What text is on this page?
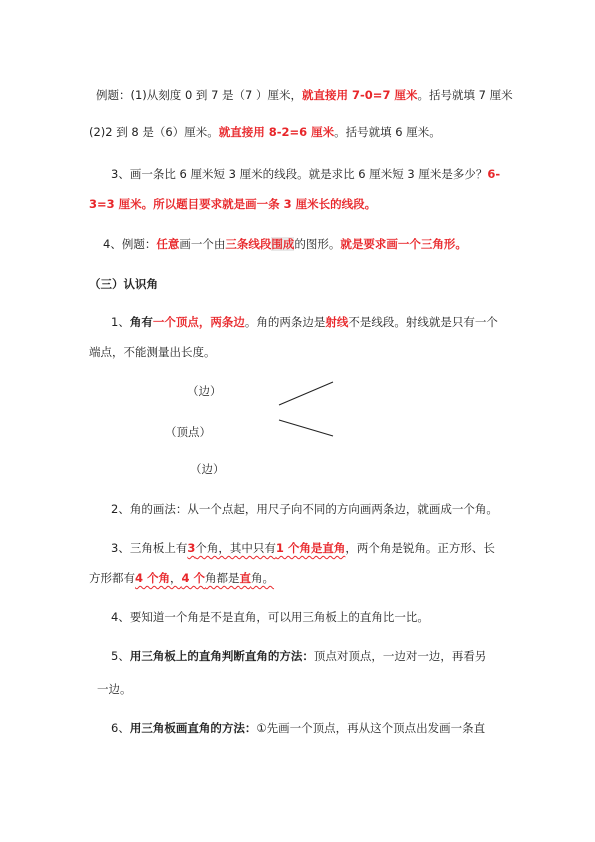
例题：(1)从刻度 0 到 7 是（7 ）厘米，就直接用 7-0=7 厘米。括号就填 7 厘米
(2)2 到 8 是（6）厘米。就直接用 8-2=6 厘米。括号就填 6 厘米。
3、画一条比 6 厘米短 3 厘米的线段。就是求比 6 厘米短 3 厘米是多少？6-
3=3 厘米。所以题目要求就是画一条 3 厘米长的线段。
4、例题：任意画一个由三条线段围成的图形。就是要求画一个三角形。
（三）认识角
1、角有一个顶点，两条边。角的两条边是射线不是线段。射线就是只有一个
端点，不能测量出长度。
（边）
（顶点）
（边）
2、角的画法：从一个点起，用尺子向不同的方向画两条边，就画成一个角。
3、三角板上有3个角，其中只有1 个角是直角，两个角是锐角。正方形、长
方形都有4 个角，4 个角都是直角。
4、要知道一个角是不是直角，可以用三角板上的直角比一比。
5、用三角板上的直角判断直角的方法：顶点对顶点，一边对一边，再看另
一边。
6、用三角板画直角的方法：①先画一个顶点，再从这个顶点出发画一条直
